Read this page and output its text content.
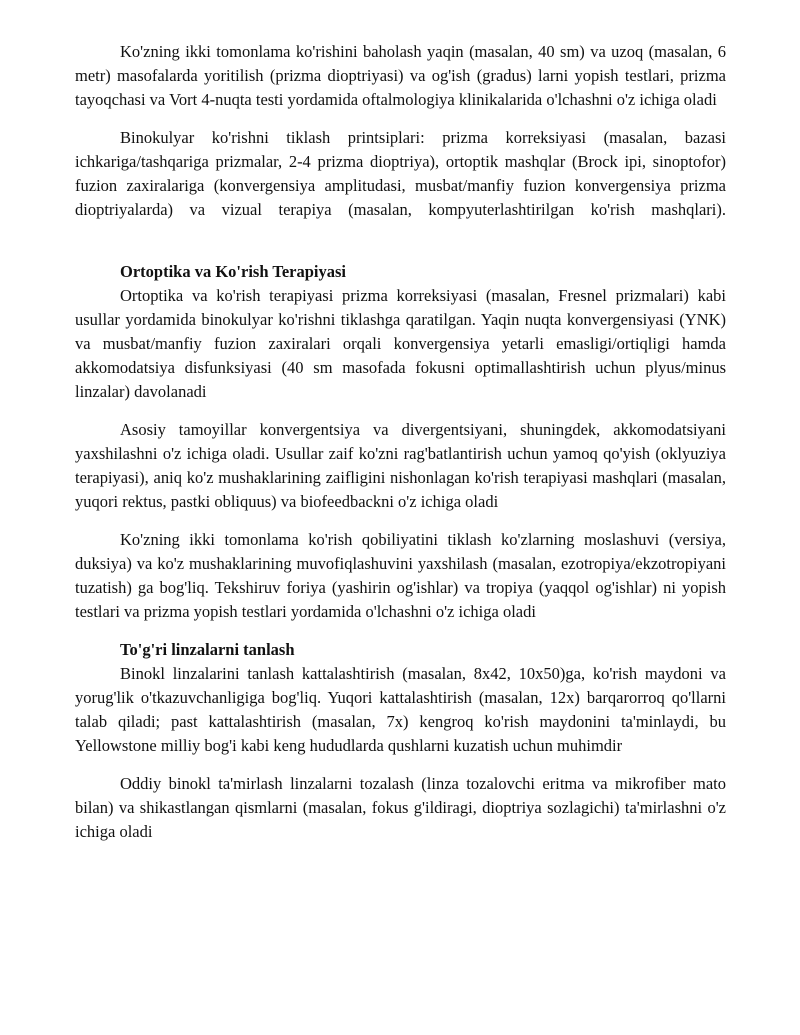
Ko'zning ikki tomonlama ko'rishini baholash yaqin (masalan, 40 sm) va uzoq (masalan, 6 metr) masofalarda yoritilish (prizma dioptriyasi) va og'ish (gradus) larni yopish testlari, prizma tayoqchasi va Vort 4-nuqta testi yordamida oftalmologiya klinikalarida o'lchashni o'z ichiga oladi

Binokulyar ko'rishni tiklash printsiplari: prizma korreksiyasi (masalan, bazasi ichkariga/tashqariga prizmalar, 2-4 prizma dioptriya), ortoptik mashqlar (Brock ipi, sinoptofor) fuzion zaxiralariga (konvergensiya amplitudasi, musbat/manfiy fuzion konvergensiya prizma dioptriyalarda) va vizual terapiya (masalan, kompyuterlashtirilgan ko'rish mashqlari).

Ortoptika va Ko'rish Terapiyasi

Ortoptika va ko'rish terapiyasi prizma korreksiyasi (masalan, Fresnel prizmalari) kabi usullar yordamida binokulyar ko'rishni tiklashga qaratilgan. Yaqin nuqta konvergensiyasi (YNK) va musbat/manfiy fuzion zaxiralari orqali konvergensiya yetarli emasligi/ortiqligi hamda akkomodatsiya disfunksiyasi (40 sm masofada fokusni optimallashtirish uchun plyus/minus linzalar) davolanadi

Asosiy tamoyillar konvergentsiya va divergentsiyani, shuningdek, akkomodatsiyani yaxshilashni o'z ichiga oladi. Usullar zaif ko'zni rag'batlantirish uchun yamoq qo'yish (oklyuziya terapiyasi), aniq ko'z mushaklarining zaifligini nishonlagan ko'rish terapiyasi mashqlari (masalan, yuqori rektus, pastki obliquus) va biofeedbackni o'z ichiga oladi

Ko'zning ikki tomonlama ko'rish qobiliyatini tiklash ko'zlarning moslashuvi (versiya, duksiya) va ko'z mushaklarining muvofiqlashuvini yaxshilash (masalan, ezotropiya/ekzotropiyani tuzatish) ga bog'liq. Tekshiruv foriya (yashirin og'ishlar) va tropiya (yaqqol og'ishlar) ni yopish testlari va prizma yopish testlari yordamida o'lchashni o'z ichiga oladi

To'g'ri linzalarni tanlash

Binokl linzalarini tanlash kattalashtirish (masalan, 8x42, 10x50)ga, ko'rish maydoni va yorug'lik o'tkazuvchanligiga bog'liq. Yuqori kattalashtirish (masalan, 12x) barqarorroq qo'llarni talab qiladi; past kattalashtirish (masalan, 7x) kengroq ko'rish maydonini ta'minlaydi, bu Yellowstone milliy bog'i kabi keng hududlarda qushlarni kuzatish uchun muhimdir

Oddiy binokl ta'mirlash linzalarni tozalash (linza tozalovchi eritma va mikrofiber mato bilan) va shikastlangan qismlarni (masalan, fokus g'ildiragi, dioptriya sozlagichi) ta'mirlashni o'z ichiga oladi
